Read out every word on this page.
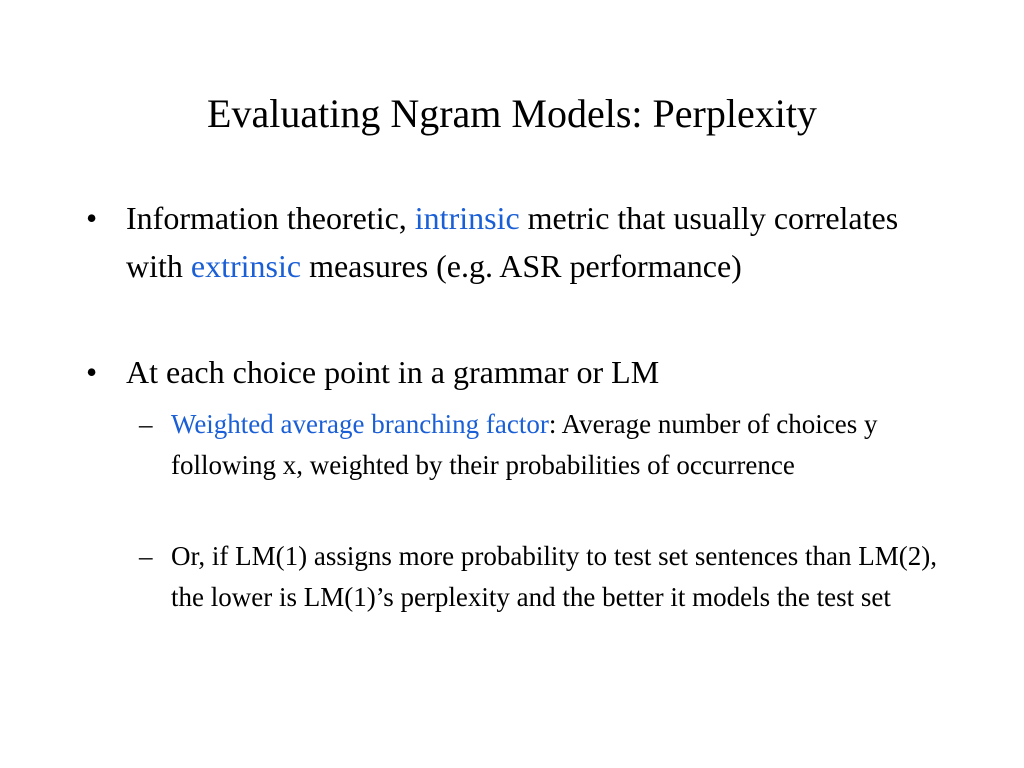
Evaluating Ngram Models: Perplexity
• Information theoretic, intrinsic metric that usually correlates with extrinsic measures (e.g. ASR performance)
• At each choice point in a grammar or LM
– Weighted average branching factor: Average number of choices y following x, weighted by their probabilities of occurrence
– Or, if LM(1) assigns more probability to test set sentences than LM(2), the lower is LM(1)’s perplexity and the better it models the test set
